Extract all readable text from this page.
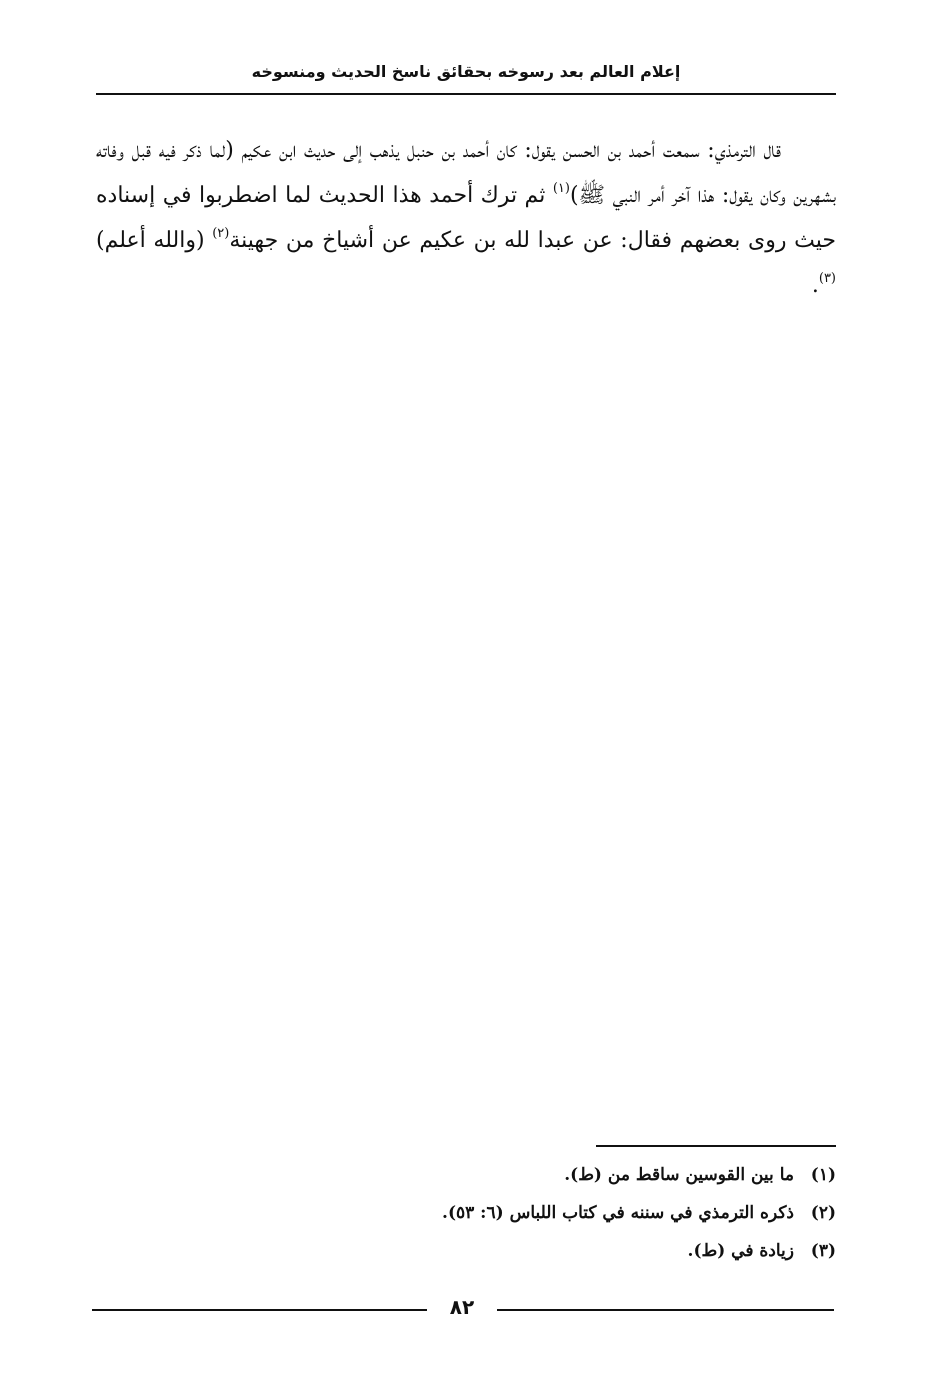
إعلام العالم بعد رسوخه بحقائق ناسخ الحديث ومنسوخه
قال الترمذي: سمعت أحمد بن الحسن يقول: كان أحمد بن حنبل يذهب إلى حديث ابن عكيم (لما ذكر فيه قبل وفاته بشهرين وكان يقول: هذا آخر أمر النبي ﷺ)$^{(١)}$ ثم ترك أحمد هذا الحديث لما اضطربوا في إسناده حيث روى بعضهم فقال: عن عبدا لله بن عكيم عن أشياخ من جهينة$^{(٢)}$ (والله أعلم)$^{(٣)}$.
(١)
ما بين القوسين ساقط من (ط).
(٢)
ذكره الترمذي في سننه في كتاب اللباس (٦: ٥٣).
(٣)
زيادة في (ط).
٨٢
